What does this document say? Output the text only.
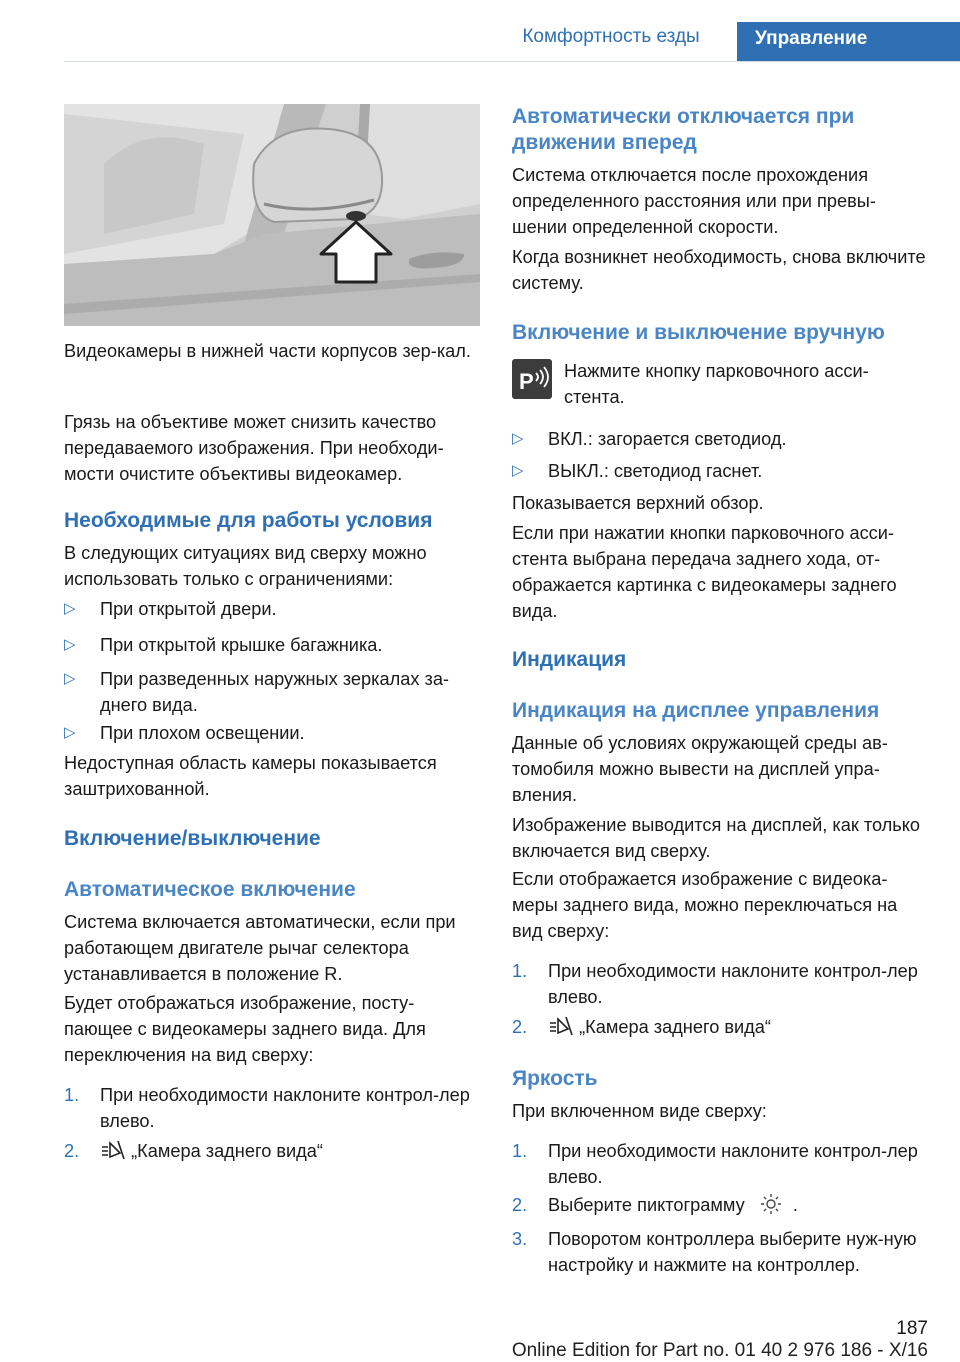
Комфортность езды	Управление

Видеокамеры в нижней части корпусов зер‐кал.

Грязь на объективе может снизить качество передаваемого изображения. При необходи‐мости очистите объективы видеокамер.

Необходимые для работы условия

В следующих ситуациях вид сверху можно использовать только с ограничениями:

▷ При открытой двери.
▷ При открытой крышке багажника.
▷ При разведенных наружных зеркалах за‐днего вида.
▷ При плохом освещении.

Недоступная область камеры показывается заштрихованной.

Включение/выключение
Автоматическое включение

Система включается автоматически, если при работающем двигателе рычаг селектора устанавливается в положение R.

Будет отображаться изображение, посту‐пающее с видеокамеры заднего вида. Для переключения на вид сверху:

1. При необходимости наклоните контрол‐лер влево.
2.	„Камера заднего вида“
Автоматически отключается при движении вперед

Система отключается после прохождения определенного расстояния или при превы‐шении определенной скорости.

Когда возникнет необходимость, снова включите систему.

Включение и выключение вручную
P Нажмите кнопку парковочного асси‐стента.

▷ ВКЛ.: загорается светодиод.
▷ ВЫКЛ.: светодиод гаснет.

Показывается верхний обзор.

Если при нажатии кнопки парковочного асси‐стента выбрана передача заднего хода, от‐ображается картинка с видеокамеры заднего вида.

Индикация
Индикация на дисплее управления

Данные об условиях окружающей среды ав‐томобиля можно вывести на дисплей упра‐вления.

Изображение выводится на дисплей, как только включается вид сверху.

Если отображается изображение с видеока‐меры заднего вида, можно переключаться на вид сверху:

1. При необходимости наклоните контрол‐лер влево.
2.	„Камера заднего вида“
Яркость

При включенном виде сверху:

1. При необходимости наклоните контрол‐лер влево.
2. Выберите пиктограмму	.
3. Поворотом контроллера выберите нуж‐ную настройку и нажмите на контроллер.
187
Online Edition for Part no. 01 40 2 976 186 - X/16
